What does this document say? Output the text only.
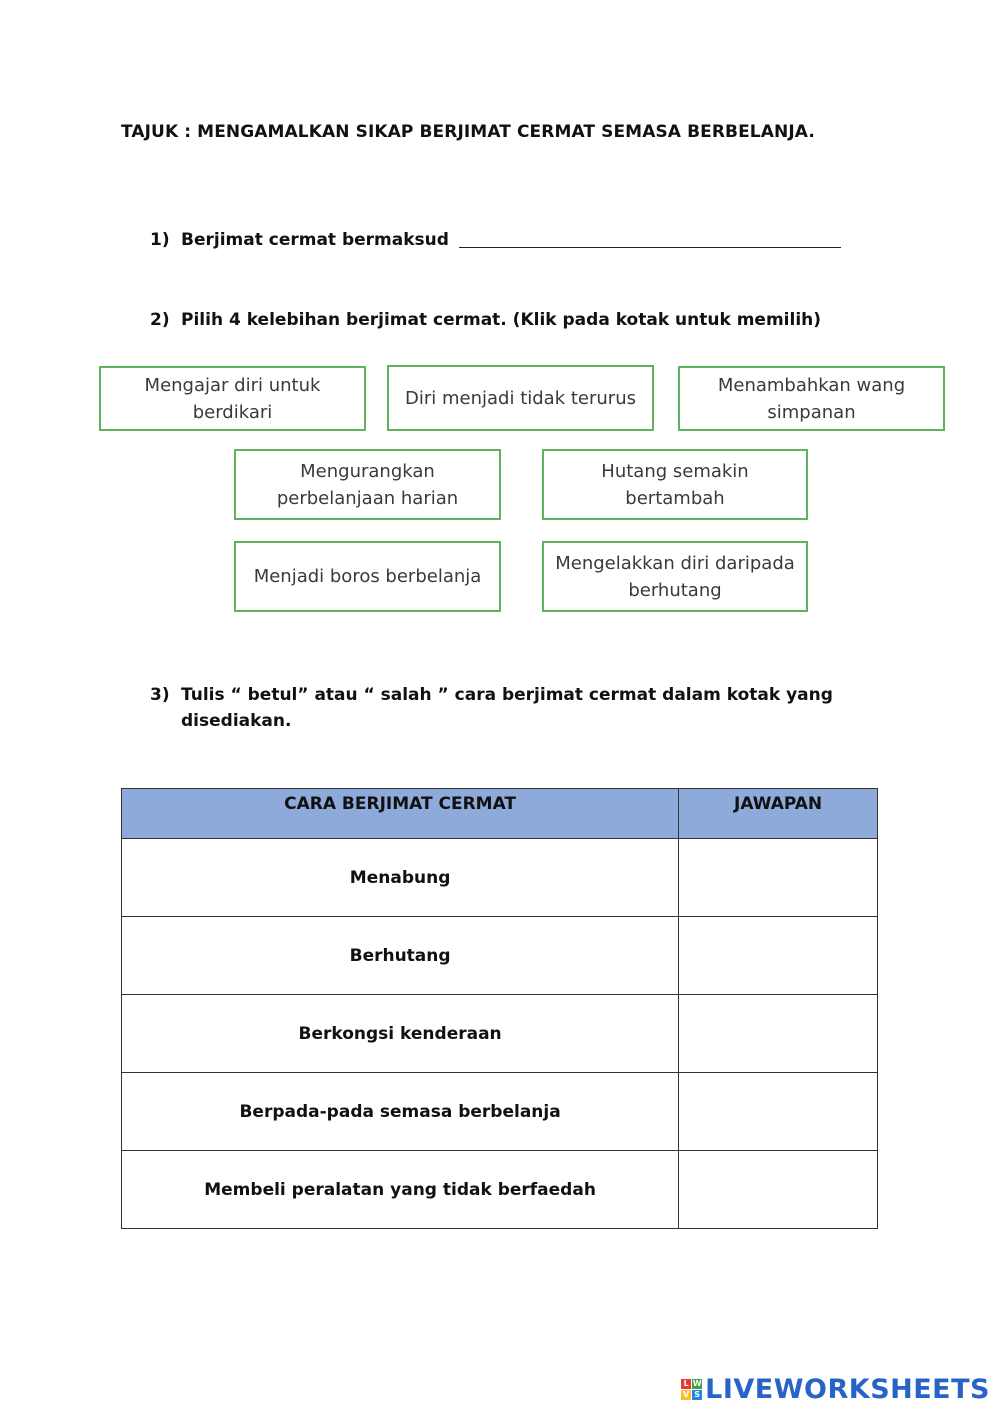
TAJUK : MENGAMALKAN SIKAP BERJIMAT CERMAT SEMASA BERBELANJA.
1) Berjimat cermat bermaksud
2) Pilih 4 kelebihan berjimat cermat. (Klik pada kotak untuk memilih)
Mengajar diri untuk berdikari
Diri menjadi tidak terurus
Menambahkan wang simpanan
Mengurangkan perbelanjaan harian
Hutang semakin bertambah
Menjadi boros berbelanja
Mengelakkan diri daripada berhutang
3) Tulis “ betul” atau “ salah ” cara berjimat cermat dalam kotak yang
disediakan.
CARA BERJIMAT CERMAT	JAWAPAN
Menabung	
Berhutang	
Berkongsi kenderaan	
Berpada-pada semasa berbelanja	
Membeli peralatan yang tidak berfaedah	
L W
V S LIVEWORKSHEETS
